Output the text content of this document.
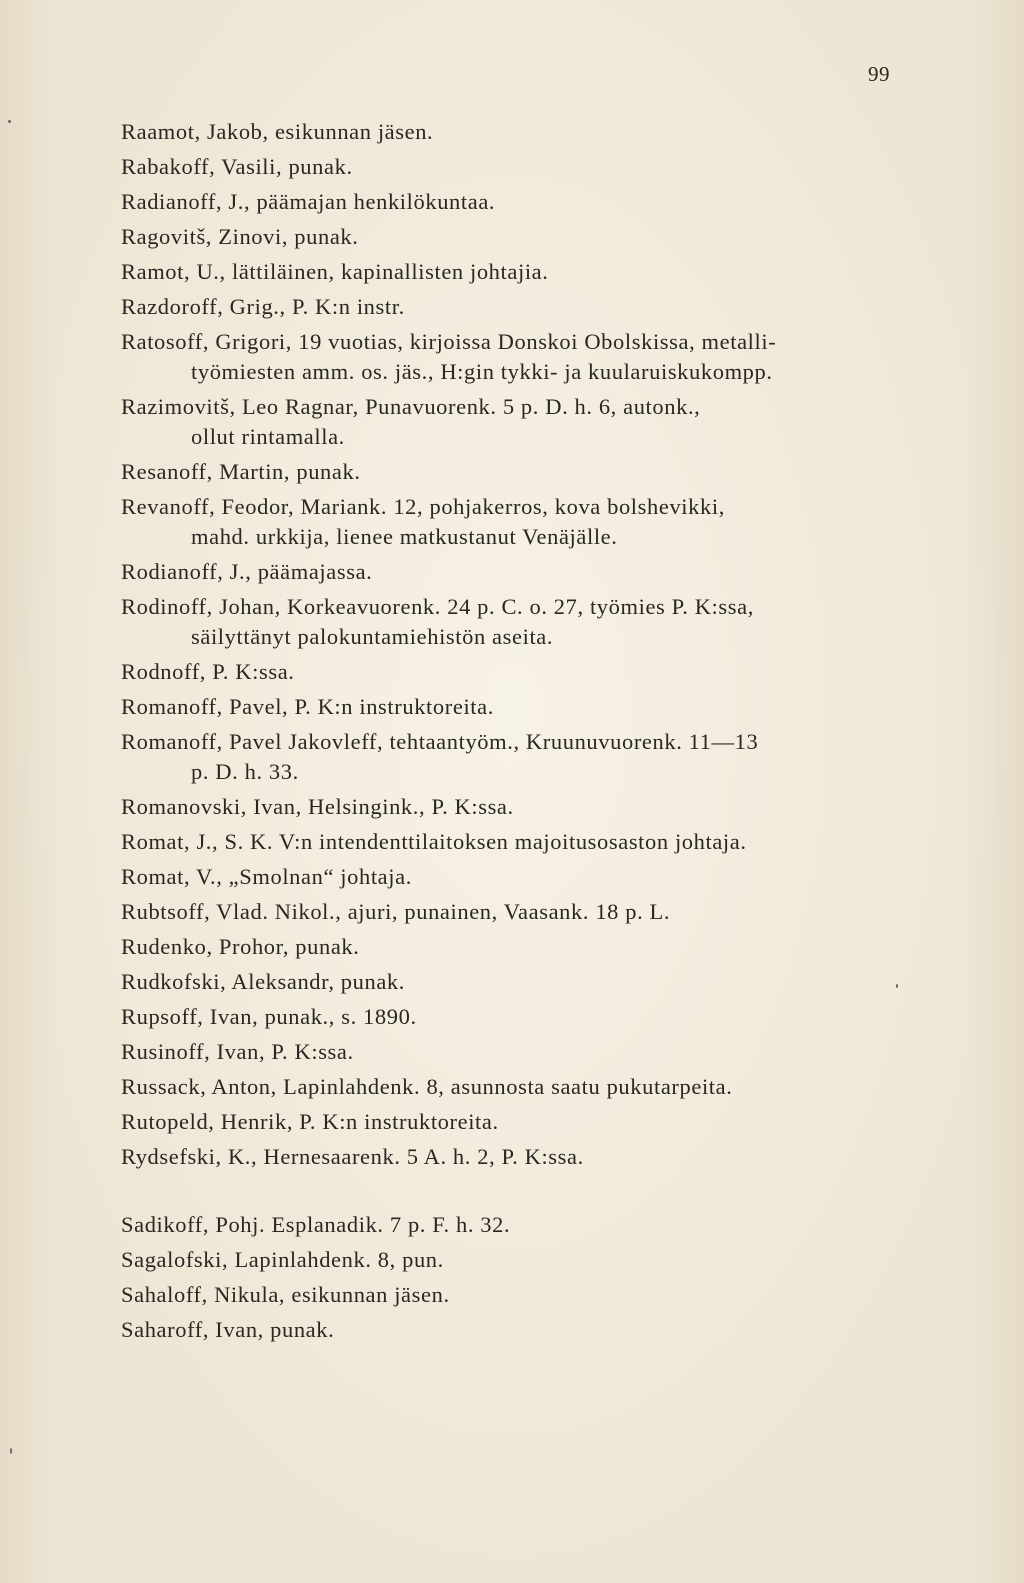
99
Raamot, Jakob, esikunnan jäsen.
Rabakoff, Vasili, punak.
Radianoff, J., päämajan henkilökuntaa.
Ragovitš, Zinovi, punak.
Ramot, U., lättiläinen, kapinallisten johtajia.
Razdoroff, Grig., P. K:n instr.
Ratosoff, Grigori, 19 vuotias, kirjoissa Donskoi Obolskissa, metalli-
työmiesten amm. os. jäs., H:gin tykki- ja kuularuiskukompp.
Razimovitš, Leo Ragnar, Punavuorenk. 5 p. D. h. 6, autonk.,
ollut rintamalla.
Resanoff, Martin, punak.
Revanoff, Feodor, Mariank. 12, pohjakerros, kova bolshevikki,
mahd. urkkija, lienee matkustanut Venäjälle.
Rodianoff, J., päämajassa.
Rodinoff, Johan, Korkeavuorenk. 24 p. C. o. 27, työmies P. K:ssa,
säilyttänyt palokuntamiehistön aseita.
Rodnoff, P. K:ssa.
Romanoff, Pavel, P. K:n instruktoreita.
Romanoff, Pavel Jakovleff, tehtaantyöm., Kruunuvuorenk. 11—13
p. D. h. 33.
Romanovski, Ivan, Helsingink., P. K:ssa.
Romat, J., S. K. V:n intendenttilaitoksen majoitusosaston johtaja.
Romat, V., „Smolnan“ johtaja.
Rubtsoff, Vlad. Nikol., ajuri, punainen, Vaasank. 18 p. L.
Rudenko, Prohor, punak.
Rudkofski, Aleksandr, punak.
Rupsoff, Ivan, punak., s. 1890.
Rusinoff, Ivan, P. K:ssa.
Russack, Anton, Lapinlahdenk. 8, asunnosta saatu pukutarpeita.
Rutopeld, Henrik, P. K:n instruktoreita.
Rydsefski, K., Hernesaarenk. 5 A. h. 2, P. K:ssa.
Sadikoff, Pohj. Esplanadik. 7 p. F. h. 32.
Sagalofski, Lapinlahdenk. 8, pun.
Sahaloff, Nikula, esikunnan jäsen.
Saharoff, Ivan, punak.
